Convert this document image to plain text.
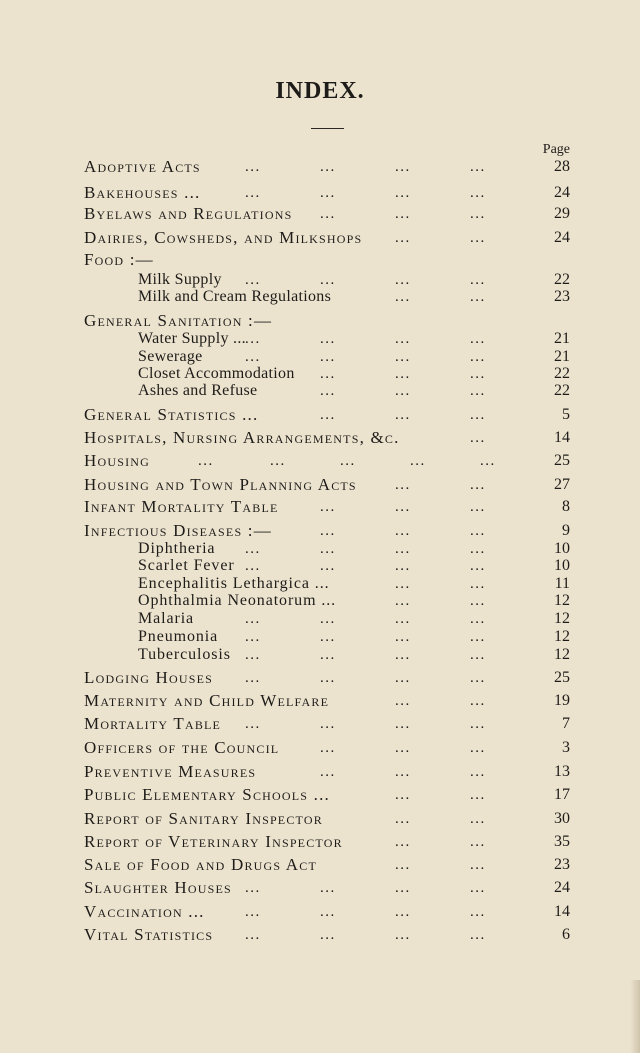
INDEX.
Page
Adoptive Acts	...	...	...	...	28
Bakehouses ...	...	...	...	...	24
Byelaws and Regulations ...	...	...	29
Dairies, Cowsheds, and Milkshops ...	...	24
Food :—
Milk Supply ...	...	...	...	22
Milk and Cream Regulations	...	...	23
General Sanitation :—
Water Supply ... ...	...	...	...	21
Sewerage	...	...	...	...	21
Closet Accommodation ...	...	...	22
Ashes and Refuse	...	...	...	22
General Statistics ...	...	...	...	5
Hospitals, Nursing Arrangements, &c.	...	14
Housing	...	...	...	...	...	25
Housing and Town Planning Acts	...	...	27
Infant Mortality Table	...	...	...	8
Infectious Diseases :—	...	...	...	9
Diphtheria ...	...	...	...	10
Scarlet Fever ...	...	...	...	10
Encephalitis Lethargica ...	...	...	11
Ophthalmia Neonatorum ...	...	...	12
Malaria	...	...	...	...	12
Pneumonia ...	...	...	...	12
Tuberculosis ...	...	...	...	12
Lodging Houses ...	...	...	...	25
Maternity and Child Welfare	...	...	19
Mortality Table ...	...	...	...	7
Officers of the Council	...	...	...	3
Preventive Measures	...	...	...	13
Public Elementary Schools ...	...	...	17
Report of Sanitary Inspector	...	...	30
Report of Veterinary Inspector	...	...	35
Sale of Food and Drugs Act	...	...	23
Slaughter Houses ...	...	...	...	24
Vaccination ...	...	...	...	...	14
Vital Statistics ...	...	...	...	6
